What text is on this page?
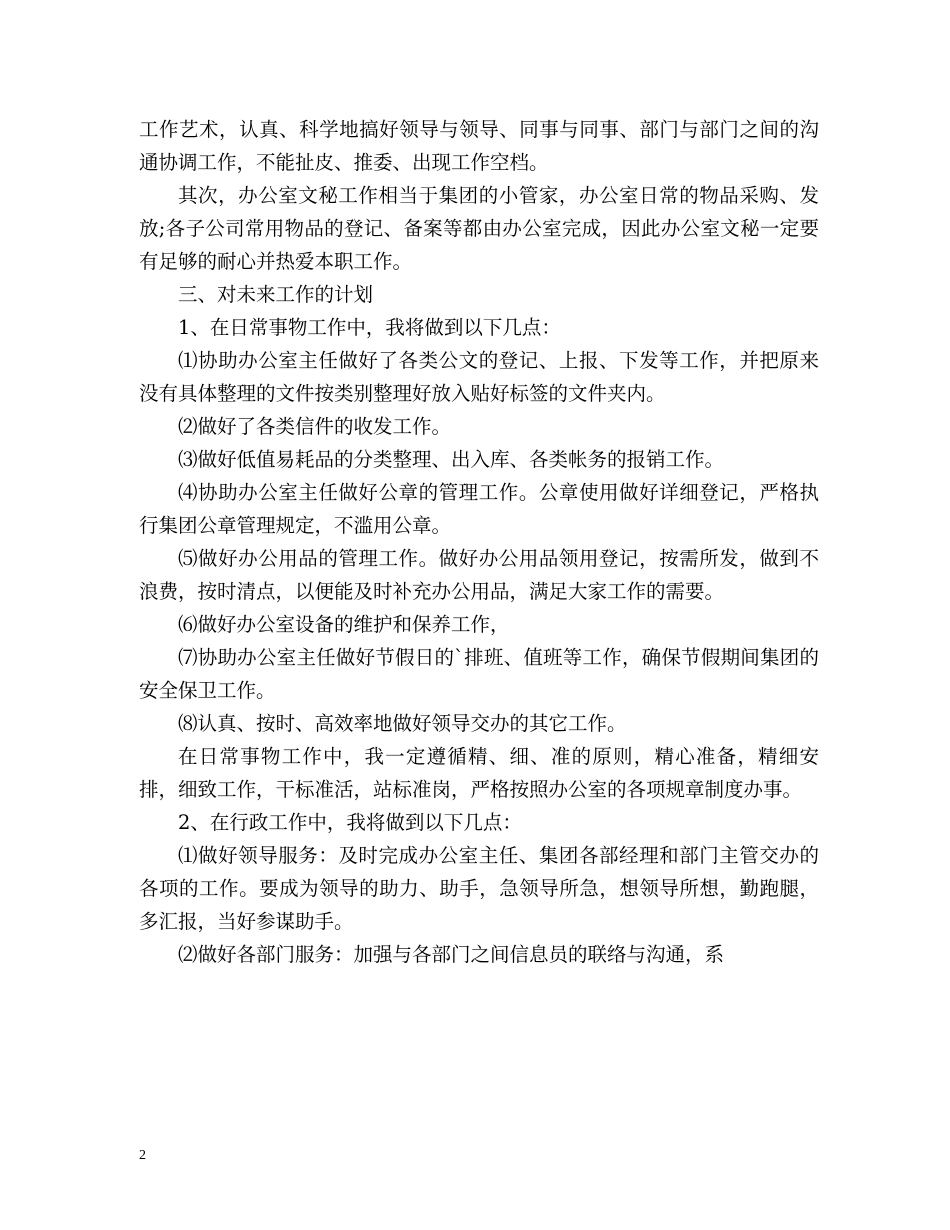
工作艺术，认真、科学地搞好领导与领导、同事与同事、部门与部门之间的沟通协调工作，不能扯皮、推委、出现工作空档。

其次，办公室文秘工作相当于集团的小管家，办公室日常的物品采购、发放;各子公司常用物品的登记、备案等都由办公室完成，因此办公室文秘一定要有足够的耐心并热爱本职工作。

三、对未来工作的计划

1、在日常事物工作中，我将做到以下几点：

⑴协助办公室主任做好了各类公文的登记、上报、下发等工作，并把原来没有具体整理的文件按类别整理好放入贴好标签的文件夹内。

⑵做好了各类信件的收发工作。

⑶做好低值易耗品的分类整理、出入库、各类帐务的报销工作。

⑷协助办公室主任做好公章的管理工作。公章使用做好详细登记，严格执行集团公章管理规定，不滥用公章。

⑸做好办公用品的管理工作。做好办公用品领用登记，按需所发，做到不浪费，按时清点，以便能及时补充办公用品，满足大家工作的需要。

⑹做好办公室设备的维护和保养工作，

⑺协助办公室主任做好节假日的`排班、值班等工作，确保节假期间集团的安全保卫工作。

⑻认真、按时、高效率地做好领导交办的其它工作。

在日常事物工作中，我一定遵循精、细、准的原则，精心准备，精细安排，细致工作，干标准活，站标准岗，严格按照办公室的各项规章制度办事。

2、在行政工作中，我将做到以下几点：

⑴做好领导服务：及时完成办公室主任、集团各部经理和部门主管交办的各项的工作。要成为领导的助力、助手，急领导所急，想领导所想，勤跑腿，多汇报，当好参谋助手。

⑵做好各部门服务：加强与各部门之间信息员的联络与沟通，系

2
